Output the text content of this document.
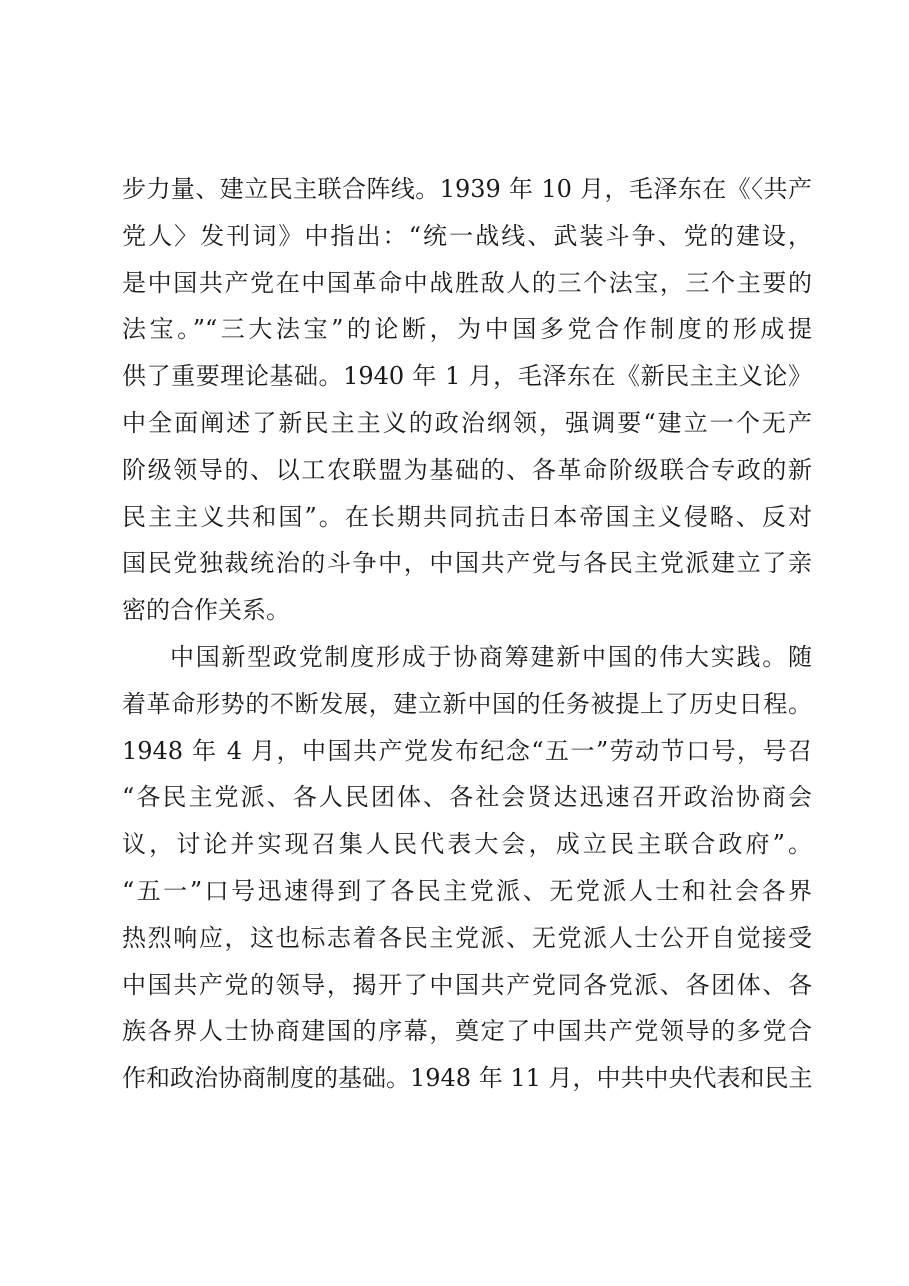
步力量、建立民主联合阵线。1939 年 10 月，毛泽东在《〈共产
党人〉发刊词》中指出：“统一战线、武装斗争、党的建设，
是中国共产党在中国革命中战胜敌人的三个法宝，三个主要的
法宝。”“三大法宝”的论断，为中国多党合作制度的形成提
供了重要理论基础。1940 年 1 月，毛泽东在《新民主主义论》
中全面阐述了新民主主义的政治纲领，强调要“建立一个无产
阶级领导的、以工农联盟为基础的、各革命阶级联合专政的新
民主主义共和国”。在长期共同抗击日本帝国主义侵略、反对
国民党独裁统治的斗争中，中国共产党与各民主党派建立了亲
密的合作关系。
中国新型政党制度形成于协商筹建新中国的伟大实践。随
着革命形势的不断发展，建立新中国的任务被提上了历史日程。
1948 年 4 月，中国共产党发布纪念“五一”劳动节口号，号召
“各民主党派、各人民团体、各社会贤达迅速召开政治协商会
议，讨论并实现召集人民代表大会，成立民主联合政府”。
“五一”口号迅速得到了各民主党派、无党派人士和社会各界
热烈响应，这也标志着各民主党派、无党派人士公开自觉接受
中国共产党的领导，揭开了中国共产党同各党派、各团体、各
族各界人士协商建国的序幕，奠定了中国共产党领导的多党合
作和政治协商制度的基础。1948 年 11 月，中共中央代表和民主
